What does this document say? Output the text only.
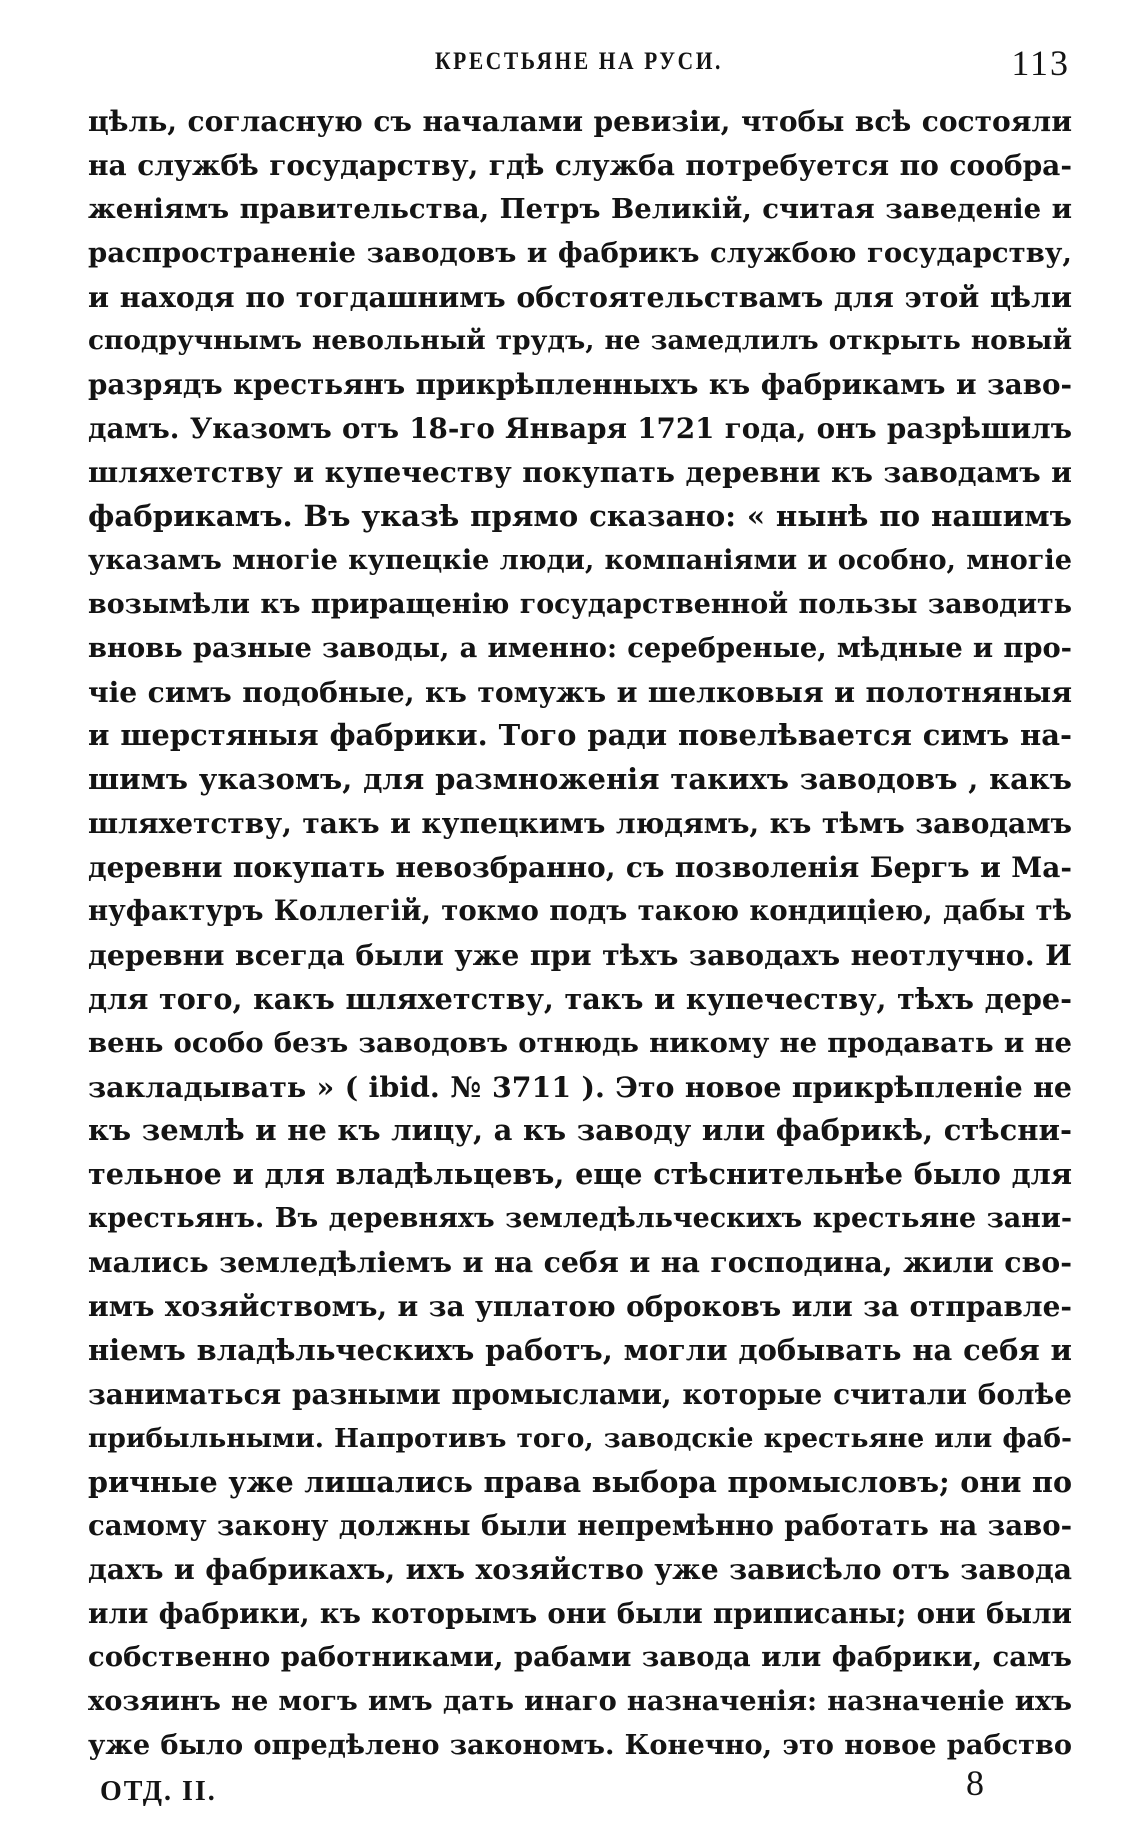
КРЕСТЬЯНЕ НА РУСИ.	113
цѣль, согласную съ началами ревизіи, чтобы всѣ состояли
на службѣ государству, гдѣ служба потребуется по сообра-
женіямъ правительства, Петръ Великій, считая заведеніе и
распространеніе заводовъ и фабрикъ службою государству,
и находя по тогдашнимъ обстоятельствамъ для этой цѣли
сподручнымъ невольный трудъ, не замедлилъ открыть новый
разрядъ крестьянъ прикрѣпленныхъ къ фабрикамъ и заво-
дамъ. Указомъ отъ 18-го Января 1721 года, онъ разрѣшилъ
шляхетству и купечеству покупать деревни къ заводамъ и
фабрикамъ. Въ указѣ прямо сказано: « нынѣ по нашимъ
указамъ многіе купецкіе люди, компаніями и особно, многіе
возымѣли къ приращенію государственной пользы заводить
вновь разные заводы, а именно: серебреные, мѣдные и про-
чіе симъ подобные, къ томужъ и шелковыя и полотняныя
и шерстяныя фабрики. Того ради повелѣвается симъ на-
шимъ указомъ, для размноженія такихъ заводовъ , какъ
шляхетству, такъ и купецкимъ людямъ, къ тѣмъ заводамъ
деревни покупать невозбранно, съ позволенія Бергъ и Ма-
нуфактуръ Коллегій, токмо подъ такою кондиціею, дабы тѣ
деревни всегда были уже при тѣхъ заводахъ неотлучно. И
для того, какъ шляхетству, такъ и купечеству, тѣхъ дере-
вень особо безъ заводовъ отнюдь никому не продавать и не
закладывать » ( ibid. № 3711 ). Это новое прикрѣпленіе не
къ землѣ и не къ лицу, а къ заводу или фабрикѣ, стѣсни-
тельное и для владѣльцевъ, еще стѣснительнѣе было для
крестьянъ. Въ деревняхъ земледѣльческихъ крестьяне зани-
мались земледѣліемъ и на себя и на господина, жили сво-
имъ хозяйствомъ, и за уплатою оброковъ или за отправле-
ніемъ владѣльческихъ работъ, могли добывать на себя и
заниматься разными промыслами, которые считали болѣе
прибыльными. Напротивъ того, заводскіе крестьяне или фаб-
ричные уже лишались права выбора промысловъ; они по
самому закону должны были непремѣнно работать на заво-
дахъ и фабрикахъ, ихъ хозяйство уже зависѣло отъ завода
или фабрики, къ которымъ они были приписаны; они были
собственно работниками, рабами завода или фабрики, самъ
хозяинъ не могъ имъ дать инаго назначенія: назначеніе ихъ
уже было опредѣлено закономъ. Конечно, это новое рабство
ОТД. II.	8
